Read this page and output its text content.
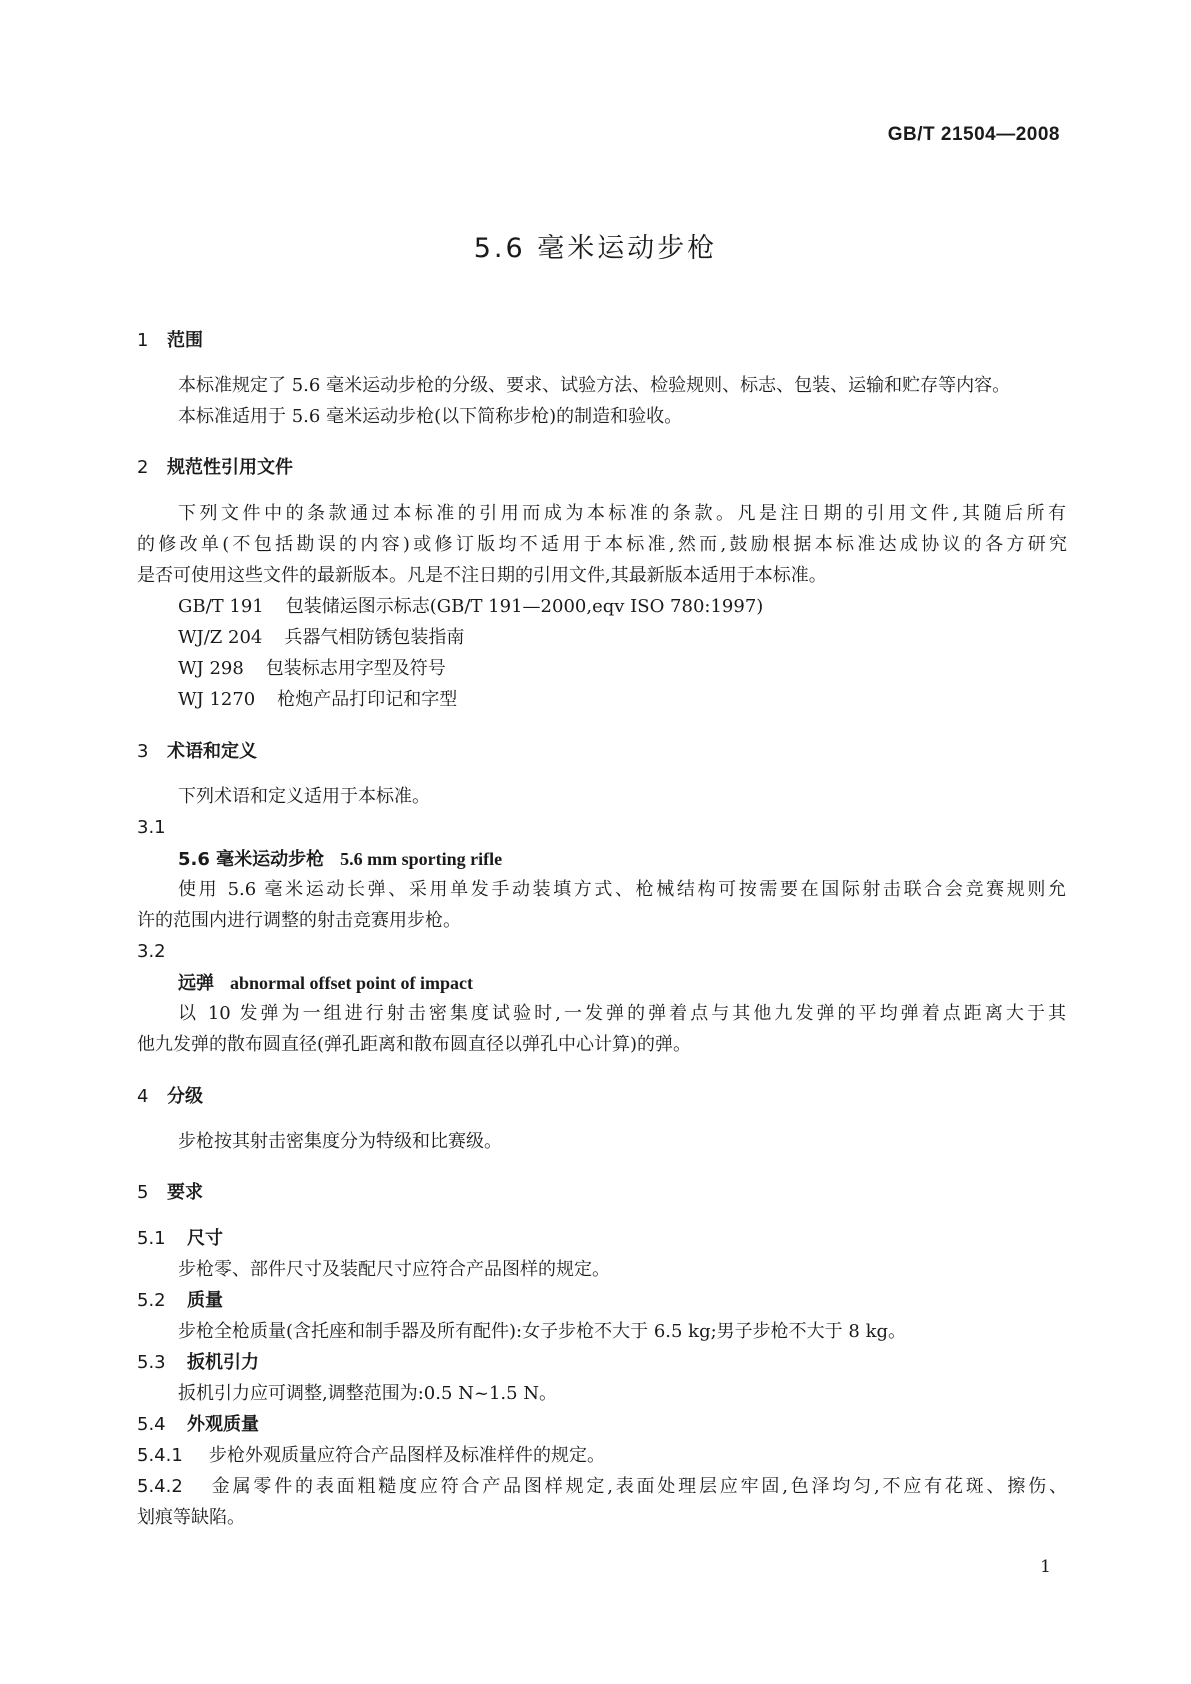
GB/T 21504—2008
5.6 毫米运动步枪
1 范围
本标准规定了 5.6 毫米运动步枪的分级、要求、试验方法、检验规则、标志、包装、运输和贮存等内容。
本标准适用于 5.6 毫米运动步枪(以下简称步枪)的制造和验收。
2 规范性引用文件
下列文件中的条款通过本标准的引用而成为本标准的条款。凡是注日期的引用文件,其随后所有
的修改单(不包括勘误的内容)或修订版均不适用于本标准,然而,鼓励根据本标准达成协议的各方研究
是否可使用这些文件的最新版本。凡是不注日期的引用文件,其最新版本适用于本标准。
GB/T 191 包装储运图示标志(GB/T 191—2000,eqv ISO 780:1997)
WJ/Z 204 兵器气相防锈包装指南
WJ 298 包装标志用字型及符号
WJ 1270 枪炮产品打印记和字型
3 术语和定义
下列术语和定义适用于本标准。
3.1
5.6 毫米运动步枪 5.6 mm sporting rifle
使用 5.6 毫米运动长弹、采用单发手动装填方式、枪械结构可按需要在国际射击联合会竞赛规则允
许的范围内进行调整的射击竞赛用步枪。
3.2
远弹 abnormal offset point of impact
以 10 发弹为一组进行射击密集度试验时,一发弹的弹着点与其他九发弹的平均弹着点距离大于其
他九发弹的散布圆直径(弹孔距离和散布圆直径以弹孔中心计算)的弹。
4 分级
步枪按其射击密集度分为特级和比赛级。
5 要求
5.1 尺寸
步枪零、部件尺寸及装配尺寸应符合产品图样的规定。
5.2 质量
步枪全枪质量(含托座和制手器及所有配件):女子步枪不大于 6.5 kg;男子步枪不大于 8 kg。
5.3 扳机引力
扳机引力应可调整,调整范围为:0.5 N~1.5 N。
5.4 外观质量
5.4.1 步枪外观质量应符合产品图样及标准样件的规定。
5.4.2 金属零件的表面粗糙度应符合产品图样规定,表面处理层应牢固,色泽均匀,不应有花斑、擦伤、
划痕等缺陷。
1
